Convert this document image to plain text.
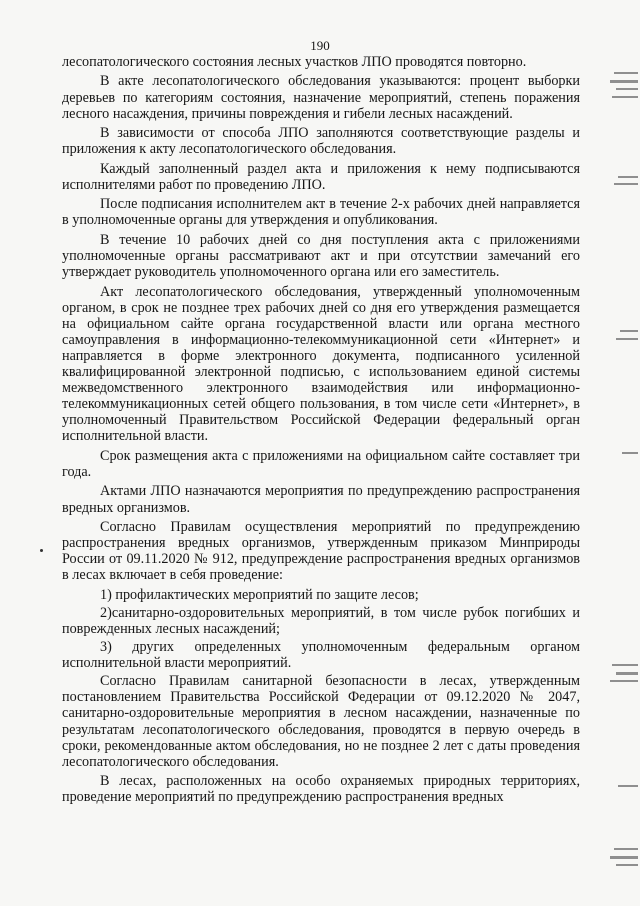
190

лесопатологического состояния лесных участков ЛПО проводятся повторно.

В акте лесопатологического обследования указываются: процент выборки деревьев по категориям состояния, назначение мероприятий, степень поражения лесного насаждения, причины повреждения и гибели лесных насаждений.

В зависимости от способа ЛПО заполняются соответствующие разделы и приложения к акту лесопатологического обследования.

Каждый заполненный раздел акта и приложения к нему подписываются исполнителями работ по проведению ЛПО.

После подписания исполнителем акт в течение 2-х рабочих дней направляется в уполномоченные органы для утверждения и опубликования.

В течение 10 рабочих дней со дня поступления акта с приложениями уполномоченные органы рассматривают акт и при отсутствии замечаний его утверждает руководитель уполномоченного органа или его заместитель.

Акт лесопатологического обследования, утвержденный уполномоченным органом, в срок не позднее трех рабочих дней со дня его утверждения размещается на официальном сайте органа государственной власти или органа местного самоуправления в информационно-телекоммуникационной сети «Интернет» и направляется в форме электронного документа, подписанного усиленной квалифицированной электронной подписью, с использованием единой системы межведомственного электронного взаимодействия или информационно-телекоммуникационных сетей общего пользования, в том числе сети «Интернет», в уполномоченный Правительством Российской Федерации федеральный орган исполнительной власти.

Срок размещения акта с приложениями на официальном сайте составляет три года.

Актами ЛПО назначаются мероприятия по предупреждению распространения вредных организмов.

Согласно Правилам осуществления мероприятий по предупреждению распространения вредных организмов, утвержденным приказом Минприроды России от 09.11.2020 № 912, предупреждение распространения вредных организмов в лесах включает в себя проведение:

1) профилактических мероприятий по защите лесов;

2)санитарно-оздоровительных мероприятий, в том числе рубок погибших и поврежденных лесных насаждений;

3) других определенных уполномоченным федеральным органом исполнительной власти мероприятий.

Согласно Правилам санитарной безопасности в лесах, утвержденным постановлением Правительства Российской Федерации от 09.12.2020 № 2047, санитарно-оздоровительные мероприятия в лесном насаждении, назначенные по результатам лесопатологического обследования, проводятся в первую очередь в сроки, рекомендованные актом обследования, но не позднее 2 лет с даты проведения лесопатологического обследования.

В лесах, расположенных на особо охраняемых природных территориях, проведение мероприятий по предупреждению распространения вредных
